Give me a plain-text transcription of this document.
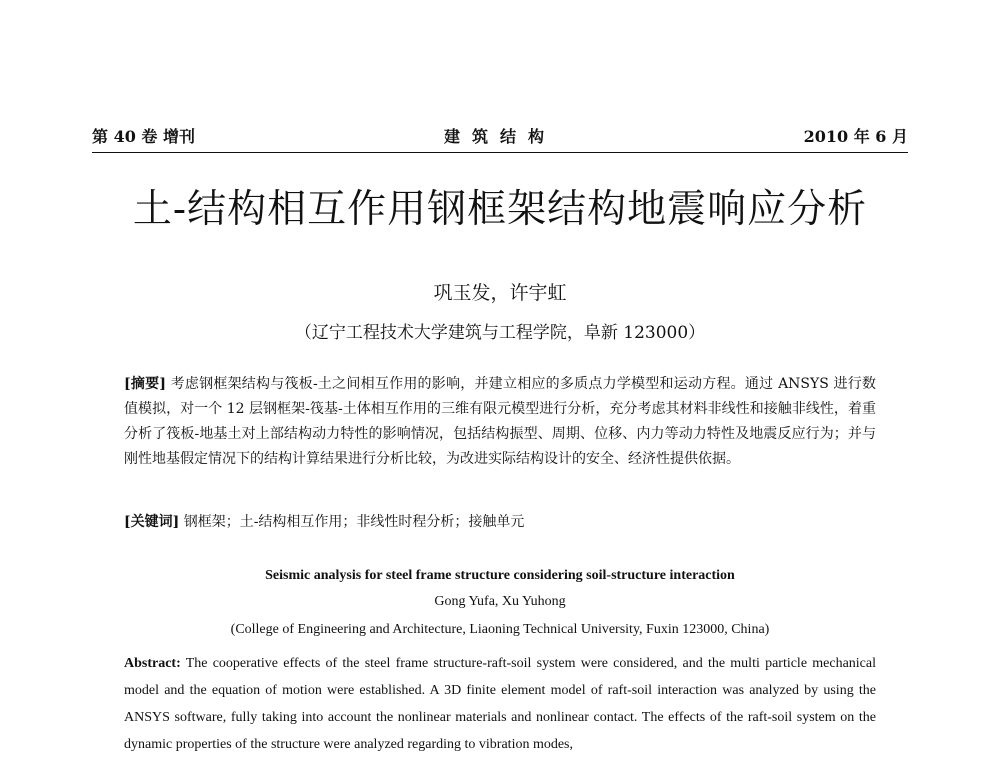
第 40 卷 增刊	建筑结构	2010 年 6 月
土-结构相互作用钢框架结构地震响应分析
巩玉发，许宇虹
（辽宁工程技术大学建筑与工程学院，阜新 123000）
[摘要] 考虑钢框架结构与筏板-土之间相互作用的影响，并建立相应的多质点力学模型和运动方程。通过 ANSYS 进行数值模拟，对一个 12 层钢框架-筏基-土体相互作用的三维有限元模型进行分析，充分考虑其材料非线性和接触非线性，着重分析了筏板-地基土对上部结构动力特性的影响情况，包括结构振型、周期、位移、内力等动力特性及地震反应行为；并与刚性地基假定情况下的结构计算结果进行分析比较，为改进实际结构设计的安全、经济性提供依据。
[关键词] 钢框架；土-结构相互作用；非线性时程分析；接触单元
Seismic analysis for steel frame structure considering soil-structure interaction
Gong Yufa, Xu Yuhong
(College of Engineering and Architecture, Liaoning Technical University, Fuxin 123000, China)
Abstract: The cooperative effects of the steel frame structure-raft-soil system were considered, and the multi particle mechanical model and the equation of motion were established. A 3D finite element model of raft-soil interaction was analyzed by using the ANSYS software, fully taking into account the nonlinear materials and nonlinear contact. The effects of the raft-soil system on the dynamic properties of the structure were analyzed regarding to vibration modes,
